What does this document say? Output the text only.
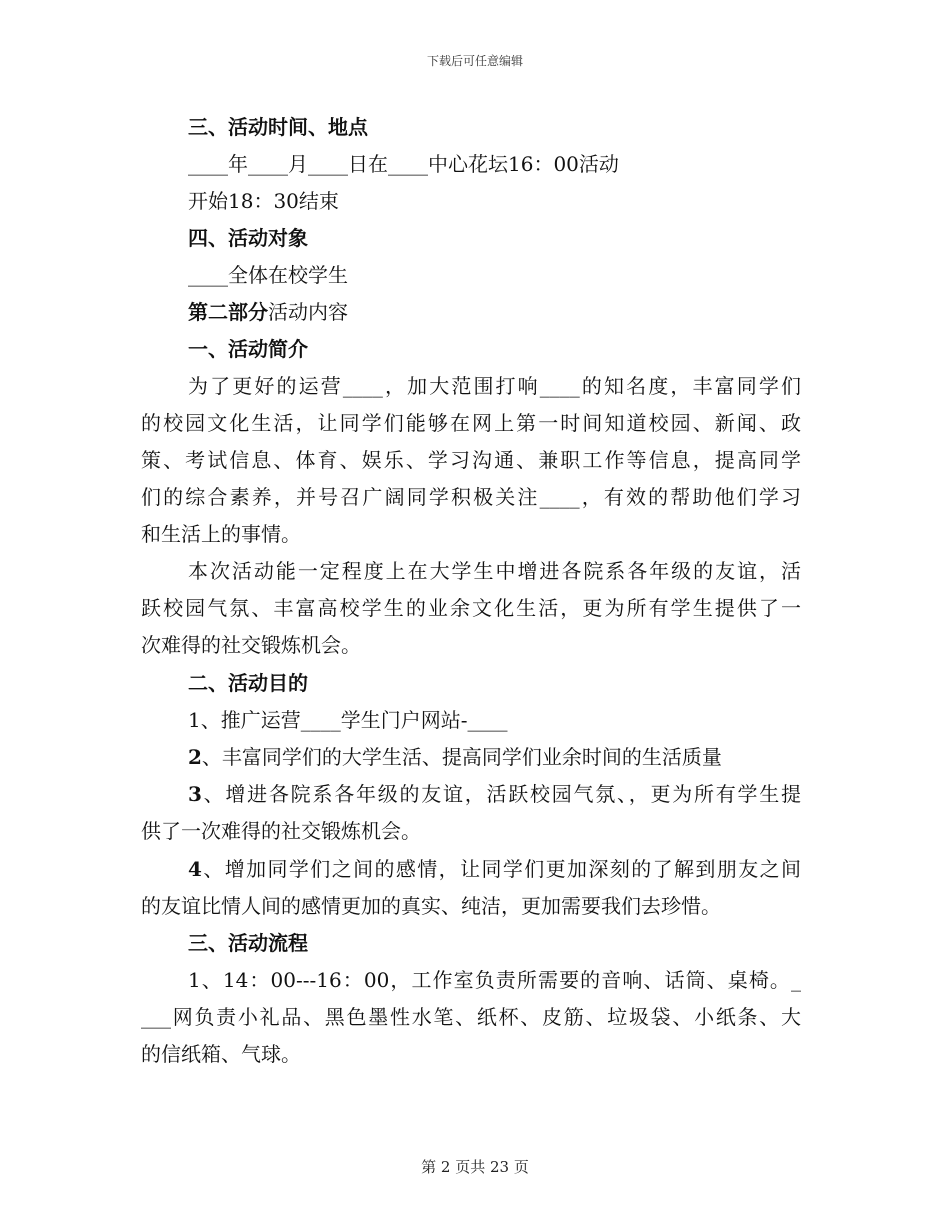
下载后可任意编辑
三、活动时间、地点
____年____月____日在____中心花坛16：00活动
开始18：30结束
四、活动对象
____全体在校学生
第二部分活动内容
一、活动简介
为了更好的运营____，加大范围打响____的知名度，丰富同学们
的校园文化生活，让同学们能够在网上第一时间知道校园、新闻、政
策、考试信息、体育、娱乐、学习沟通、兼职工作等信息，提高同学
们的综合素养，并号召广阔同学积极关注____，有效的帮助他们学习
和生活上的事情。
本次活动能一定程度上在大学生中增进各院系各年级的友谊，活
跃校园气氛、丰富高校学生的业余文化生活，更为所有学生提供了一
次难得的社交锻炼机会。
二、活动目的
1、推广运营____学生门户网站-____
2、丰富同学们的大学生活、提高同学们业余时间的生活质量
3、增进各院系各年级的友谊，活跃校园气氛、，更为所有学生提
供了一次难得的社交锻炼机会。
4、增加同学们之间的感情，让同学们更加深刻的了解到朋友之间
的友谊比情人间的感情更加的真实、纯洁，更加需要我们去珍惜。
三、活动流程
1、14：00---16：00，工作室负责所需要的音响、话筒、桌椅。_
___网负责小礼品、黑色墨性水笔、纸杯、皮筋、垃圾袋、小纸条、大
的信纸箱、气球。
第 2 页共 23 页
